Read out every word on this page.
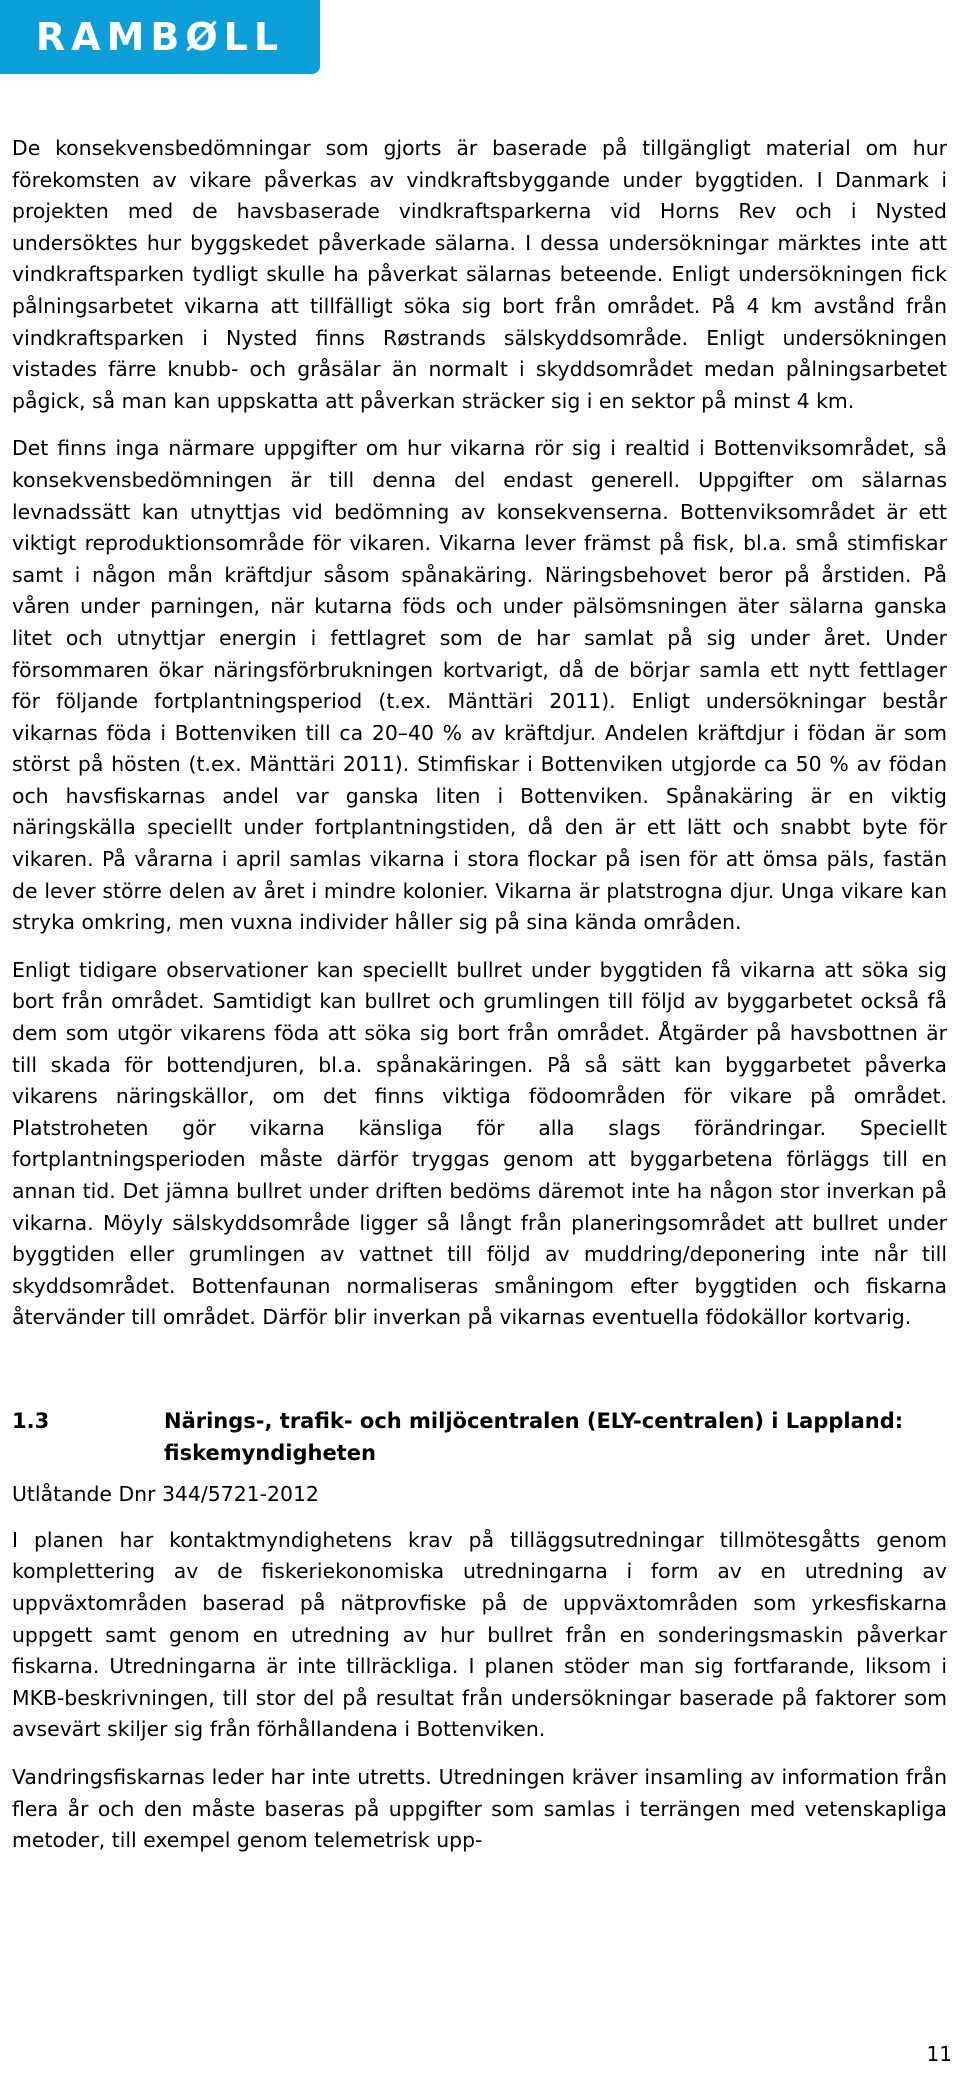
RAMBØLL

De konsekvensbedömningar som gjorts är baserade på tillgängligt material om hur förekomsten av vikare påverkas av vindkraftsbyggande under byggtiden. I Danmark i projekten med de havsbaserade vindkraftsparkerna vid Horns Rev och i Nysted undersöktes hur byggskedet påverkade sälarna. I dessa undersökningar märktes inte att vindkraftsparken tydligt skulle ha påverkat sälarnas beteende. Enligt undersökningen fick pålningsarbetet vikarna att tillfälligt söka sig bort från området. På 4 km avstånd från vindkraftsparken i Nysted finns Røstrands sälskyddsområde. Enligt undersökningen vistades färre knubb- och gråsälar än normalt i skyddsområdet medan pålningsarbetet pågick, så man kan uppskatta att påverkan sträcker sig i en sektor på minst 4 km.

Det finns inga närmare uppgifter om hur vikarna rör sig i realtid i Bottenviksområdet, så konsekvensbedömningen är till denna del endast generell. Uppgifter om sälarnas levnadssätt kan utnyttjas vid bedömning av konsekvenserna. Bottenviksområdet är ett viktigt reproduktionsområde för vikaren. Vikarna lever främst på fisk, bl.a. små stimfiskar samt i någon mån kräftdjur såsom spånakäring. Näringsbehovet beror på årstiden. På våren under parningen, när kutarna föds och under pälsömsningen äter sälarna ganska litet och utnyttjar energin i fettlagret som de har samlat på sig under året. Under försommaren ökar näringsförbrukningen kortvarigt, då de börjar samla ett nytt fettlager för följande fortplantningsperiod (t.ex. Mänttäri 2011). Enligt undersökningar består vikarnas föda i Bottenviken till ca 20–40 % av kräftdjur. Andelen kräftdjur i födan är som störst på hösten (t.ex. Mänttäri 2011). Stimfiskar i Bottenviken utgjorde ca 50 % av födan och havsfiskarnas andel var ganska liten i Bottenviken. Spånakäring är en viktig näringskälla speciellt under fortplantningstiden, då den är ett lätt och snabbt byte för vikaren. På vårarna i april samlas vikarna i stora flockar på isen för att ömsa päls, fastän de lever större delen av året i mindre kolonier. Vikarna är platstrogna djur. Unga vikare kan stryka omkring, men vuxna individer håller sig på sina kända områden.

Enligt tidigare observationer kan speciellt bullret under byggtiden få vikarna att söka sig bort från området. Samtidigt kan bullret och grumlingen till följd av byggarbetet också få dem som utgör vikarens föda att söka sig bort från området. Åtgärder på havsbottnen är till skada för bottendjuren, bl.a. spånakäringen. På så sätt kan byggarbetet påverka vikarens näringskällor, om det finns viktiga födoområden för vikare på området. Platstroheten gör vikarna känsliga för alla slags förändringar. Speciellt fortplantningsperioden måste därför tryggas genom att byggarbetena förläggs till en annan tid. Det jämna bullret under driften bedöms däremot inte ha någon stor inverkan på vikarna. Möyly sälskyddsområde ligger så långt från planeringsområdet att bullret under byggtiden eller grumlingen av vattnet till följd av muddring/deponering inte når till skyddsområdet. Bottenfaunan normaliseras småningom efter byggtiden och fiskarna återvänder till området. Därför blir inverkan på vikarnas eventuella födokällor kortvarig.

1.3	Närings-, trafik- och miljöcentralen (ELY-centralen) i Lappland: fiskemyndigheten
Utlåtande Dnr 344/5721-2012

I planen har kontaktmyndighetens krav på tilläggsutredningar tillmötesgåtts genom komplettering av de fiskeriekonomiska utredningarna i form av en utredning av uppväxtområden baserad på nätprovfiske på de uppväxtområden som yrkesfiskarna uppgett samt genom en utredning av hur bullret från en sonderingsmaskin påverkar fiskarna. Utredningarna är inte tillräckliga. I planen stöder man sig fortfarande, liksom i MKB-beskrivningen, till stor del på resultat från undersökningar baserade på faktorer som avsevärt skiljer sig från förhållandena i Bottenviken.

Vandringsfiskarnas leder har inte utretts. Utredningen kräver insamling av information från flera år och den måste baseras på uppgifter som samlas i terrängen med vetenskapliga metoder, till exempel genom telemetrisk upp-

11
